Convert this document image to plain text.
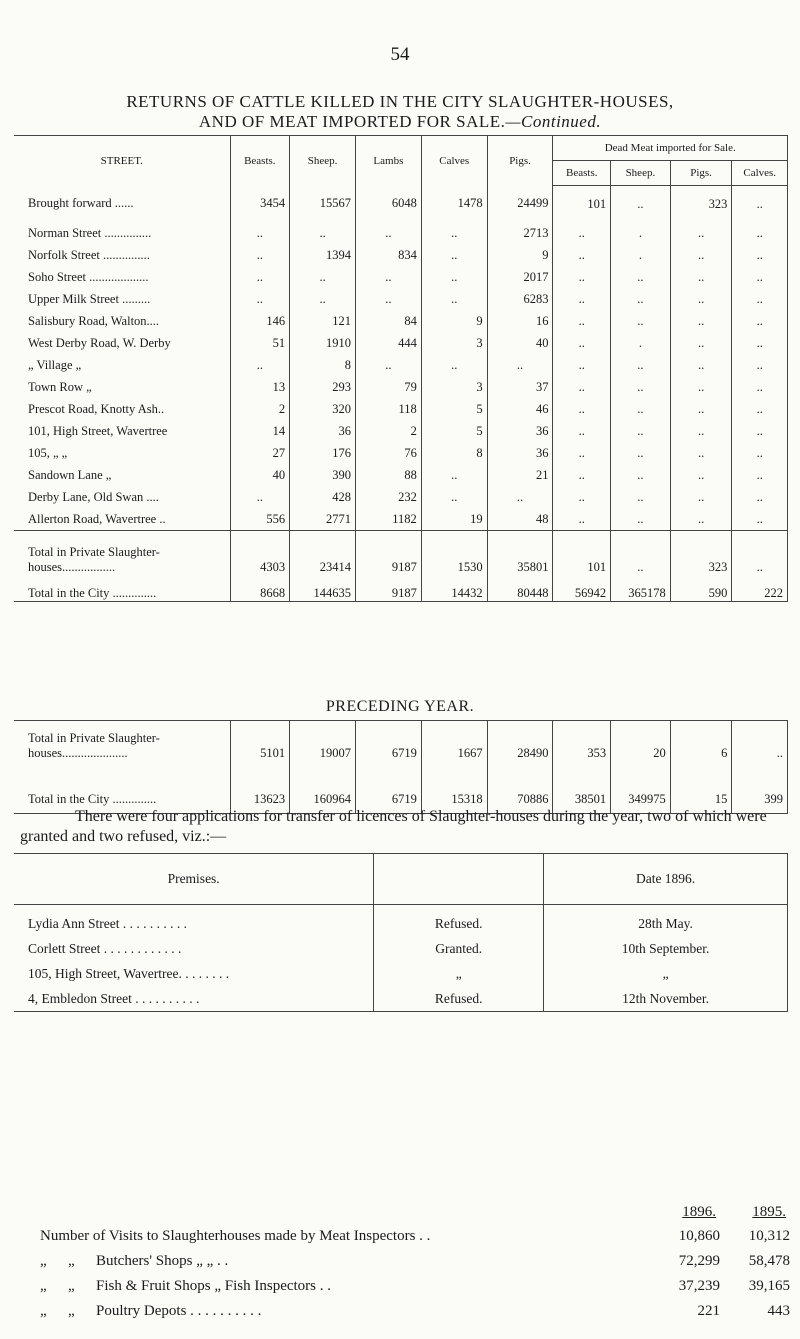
54
RETURNS OF CATTLE KILLED IN THE CITY SLAUGHTER-HOUSES,
AND OF MEAT IMPORTED FOR SALE.—Continued.
STREET.	Beasts.	Sheep.	Lambs	Calves	Pigs.	Dead Meat imported for Sale.			
						Beasts.	Sheep.	Pigs.	Calves.
Brought forward ......	3454	15567	6048	1478	24499	101	..	323	..
Norman Street ...............	..	..	..	..	2713	..	.	..	..
Norfolk Street ...............	..	1394	834	..	9	..	.	..	..
Soho Street ...................	..	..	..	..	2017	..	..	..	..
Upper Milk Street .........	..	..	..	..	6283	..	..	..	..
Salisbury Road, Walton....	146	121	84	9	16	..	..	..	..
West Derby Road, W. Derby	51	1910	444	3	40	..	.	..	..
„ Village „	..	8	..	..	..	..	..	..	..
Town Row „	13	293	79	3	37	..	..	..	..
Prescot Road, Knotty Ash..	2	320	118	5	46	..	..	..	..
101, High Street, Wavertree	14	36	2	5	36	..	..	..	..
105, „ „	27	176	76	8	36	..	..	..	..
Sandown Lane „	40	390	88	..	21	..	..	..	..
Derby Lane, Old Swan ....	..	428	232	..	..	..	..	..	..
Allerton Road, Wavertree ..	556	2771	1182	19	48	..	..	..	..
Total in Private Slaughter-houses.................	4303	23414	9187	1530	35801	101	..	323	..
Total in the City ..............	8668	144635	9187	14432	80448	56942	365178	590	222
PRECEDING YEAR.
Total in Private Slaughter-houses.....................	5101	19007	6719	1667	28490	353	20	6	..
Total in the City ..............	13623	160964	6719	15318	70886	38501	349975	15	399
There were four applications for transfer of licences of Slaughter-houses during the year, two of which were granted and two refused, viz.:—
Premises.		Date 1896.
Lydia Ann Street . . . . . . . . . .	Refused.	28th May.
Corlett Street . . . . . . . . . . . .	Granted.	10th September.
105, High Street, Wavertree. . . . . . . .	„	„
4, Embledon Street . . . . . . . . . .	Refused.	12th November.
	1896.	1895.
Number of Visits to Slaughterhouses made by Meat Inspectors . .	10,860	10,312
„ „ Butchers' Shops „ „ . .	72,299	58,478
„ „ Fish & Fruit Shops „ Fish Inspectors . .	37,239	39,165
„ „ Poultry Depots . . . . . . . . . .	221	443
